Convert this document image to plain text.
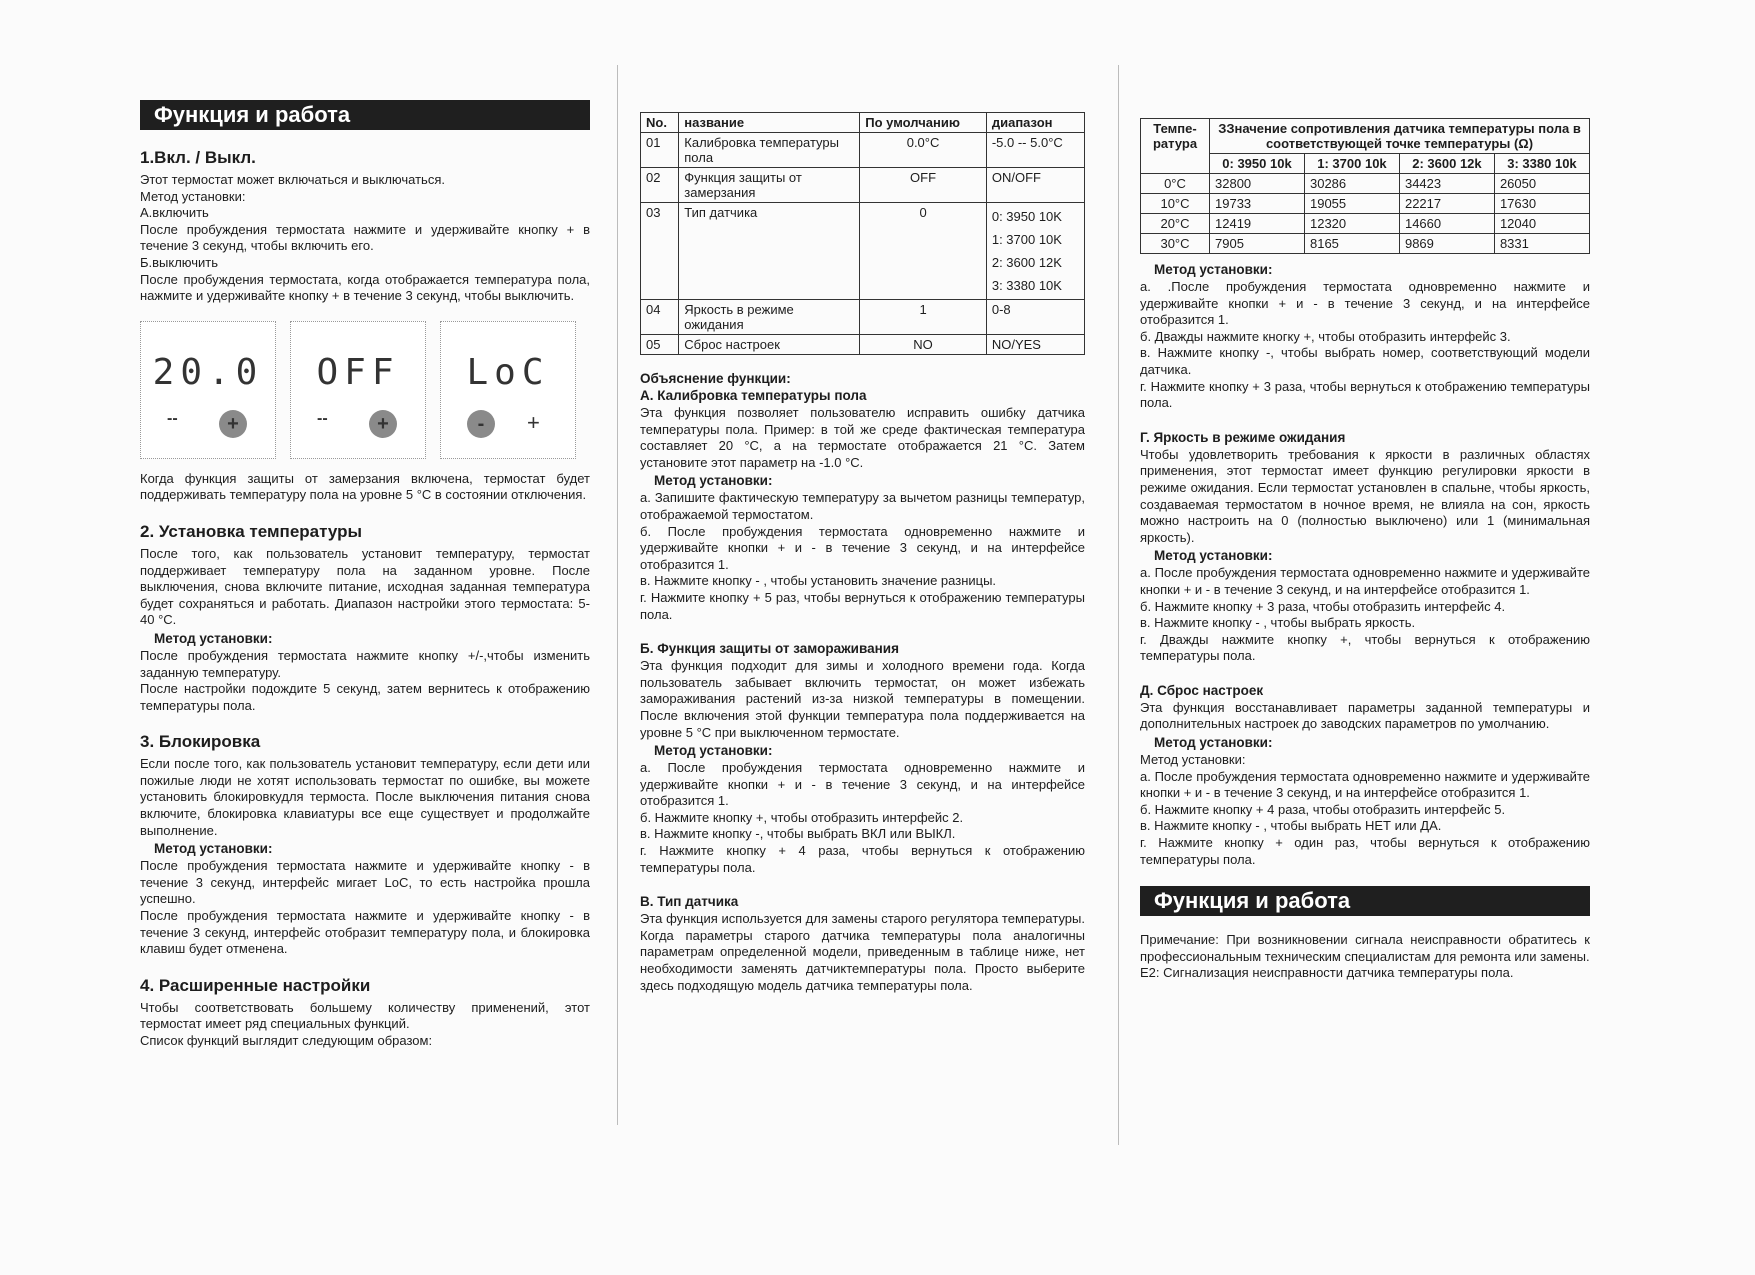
Функция и работа
1.Вкл. / Выкл.

Этот термостат может включаться и выключаться.

Метод установки:

А.включить

После пробуждения термостата нажмите и удерживайте кнопку + в течение 3 секунд, чтобы включить его.

Б.выключить

После пробуждения термостата, когда отображается температура пола, нажмите и удерживайте кнопку + в течение 3 секунд, чтобы выключить.

20.0
--	+
OFF
--	+
LoC
-	+

Когда функция защиты от замерзания включена, термостат будет поддерживать температуру пола на уровне 5 °C в состоянии отключения.

2. Установка температуры

После того, как пользователь установит температуру, термостат поддерживает температуру пола на заданном уровне. После выключения, снова включите питание, исходная заданная температура будет сохраняться и работать. Диапазон настройки этого термостата: 5-40 °C.

Метод установки:

После пробуждения термостата нажмите кнопку +/-,чтобы изменить заданную температуру.

После настройки подождите 5 секунд, затем вернитесь к отображению температуры пола.

3. Блокировка

Если после того, как пользователь установит температуру, если дети или пожилые люди не хотят использовать термостат по ошибке, вы можете установить блокировкудля термоста. После выключения питания снова включите, блокировка клавиатуры все еще существует и продолжайте выполнение.

Метод установки:

После пробуждения термостата нажмите и удерживайте кнопку - в течение 3 секунд, интерфейс мигает LoC, то есть настройка прошла успешно.

После пробуждения термостата нажмите и удерживайте кнопку - в течение 3 секунд, интерфейс отобразит температуру пола, и блокировка клавиш будет отменена.

4. Расширенные настройки

Чтобы соответствовать большему количеству применений, этот термостат имеет ряд специальных функций.

Список функций выглядит следующим образом:

No.	название	По умолчанию	диапазон
01	Калибровка температуры пола	0.0°C	-5.0 -- 5.0°C
02	Функция защиты от замерзания	OFF	ON/OFF
03	Тип датчика	0	0: 3950 10K
1: 3700 10K
2: 3600 12K
3: 3380 10K
04	Яркость в режиме ожидания	1	0-8
05	Сброс настроек	NO	NO/YES
Объяснение функции:
А. Калибровка температуры пола

Эта функция позволяет пользователю исправить ошибку датчика температуры пола. Пример: в той же среде фактическая температура составляет 20 °C, а на термостате отображается 21 °C. Затем установите этот параметр на -1.0 °C.

Метод установки:

а. Запишите фактическую температуру за вычетом разницы температур, отображаемой термостатом.

б. После пробуждения термостата одновременно нажмите и удерживайте кнопки + и - в течение 3 секунд, и на интерфейсе отобразится 1.

в. Нажмите кнопку - , чтобы установить значение разницы.

г. Нажмите кнопку + 5 раз, чтобы вернуться к отображению температуры пола.

Б. Функция защиты от замораживания

Эта функция подходит для зимы и холодного времени года. Когда пользователь забывает включить термостат, он может избежать замораживания растений из-за низкой температуры в помещении. После включения этой функции температура пола поддерживается на уровне 5 °C при выключенном термостате.

Метод установки:

а. После пробуждения термостата одновременно нажмите и удерживайте кнопки + и - в течение 3 секунд, и на интерфейсе отобразится 1.

б. Нажмите кнопку +, чтобы отобразить интерфейс 2.

в. Нажмите кнопку -, чтобы выбрать ВКЛ или ВЫКЛ.

г. Нажмите кнопку + 4 раза, чтобы вернуться к отображению температуры пола.

В. Тип датчика

Эта функция используется для замены старого регулятора температуры. Когда параметры старого датчика температуры пола аналогичны параметрам определенной модели, приведенным в таблице ниже, нет необходимости заменять датчиктемпературы пола. Просто выберите здесь подходящую модель датчика температуры пола.

Темпе-ратура	ЗЗначение сопротивления датчика температуры пола в соответствующей точке температуры (Ω)			
	0: 3950 10k	1: 3700 10k	2: 3600 12k	3: 3380 10k
0°C	32800	30286	34423	26050
10°C	19733	19055	22217	17630
20°C	12419	12320	14660	12040
30°C	7905	8165	9869	8331
Метод установки:

а. .После пробуждения термостата одновременно нажмите и удерживайте кнопки + и - в течение 3 секунд, и на интерфейсе отобразится 1.

б. Дважды нажмите кногку +, чтобы отобразить интерфейс 3.

в. Нажмите кнопку -, чтобы выбрать номер, соответствующий модели датчика.

г. Нажмите кнопку + 3 раза, чтобы вернуться к отображению температуры пола.

Г. Яркость в режиме ожидания

Чтобы удовлетворить требования к яркости в различных областях применения, этот термостат имеет функцию регулировки яркости в режиме ожидания. Если термостат установлен в спальне, чтобы яркость, создаваемая термостатом в ночное время, не влияла на сон, яркость можно настроить на 0 (полностью выключено) или 1 (минимальная яркость).

Метод установки:

а. После пробуждения термостата одновременно нажмите и удерживайте кнопки + и - в течение 3 секунд, и на интерфейсе отобразится 1.

б. Нажмите кнопку + 3 раза, чтобы отобразить интерфейс 4.

в. Нажмите кнопку - , чтобы выбрать яркость.

г. Дважды нажмите кнопку +, чтобы вернуться к отображению температуры пола.

Д. Сброс настроек

Эта функция восстанавливает параметры заданной температуры и дополнительных настроек до заводских параметров по умолчанию.

Метод установки:

Метод установки:

а. После пробуждения термостата одновременно нажмите и удерживайте кнопки + и - в течение 3 секунд, и на интерфейсе отобразится 1.

б. Нажмите кнопку + 4 раза, чтобы отобразить интерфейс 5.

в. Нажмите кнопку - , чтобы выбрать НЕТ или ДА.

г. Нажмите кнопку + один раз, чтобы вернуться к отображению температуры пола.

Функция и работа

Примечание: При возникновении сигнала неисправности обратитесь к профессиональным техническим специалистам для ремонта или замены.

E2: Сигнализация неисправности датчика температуры пола.
